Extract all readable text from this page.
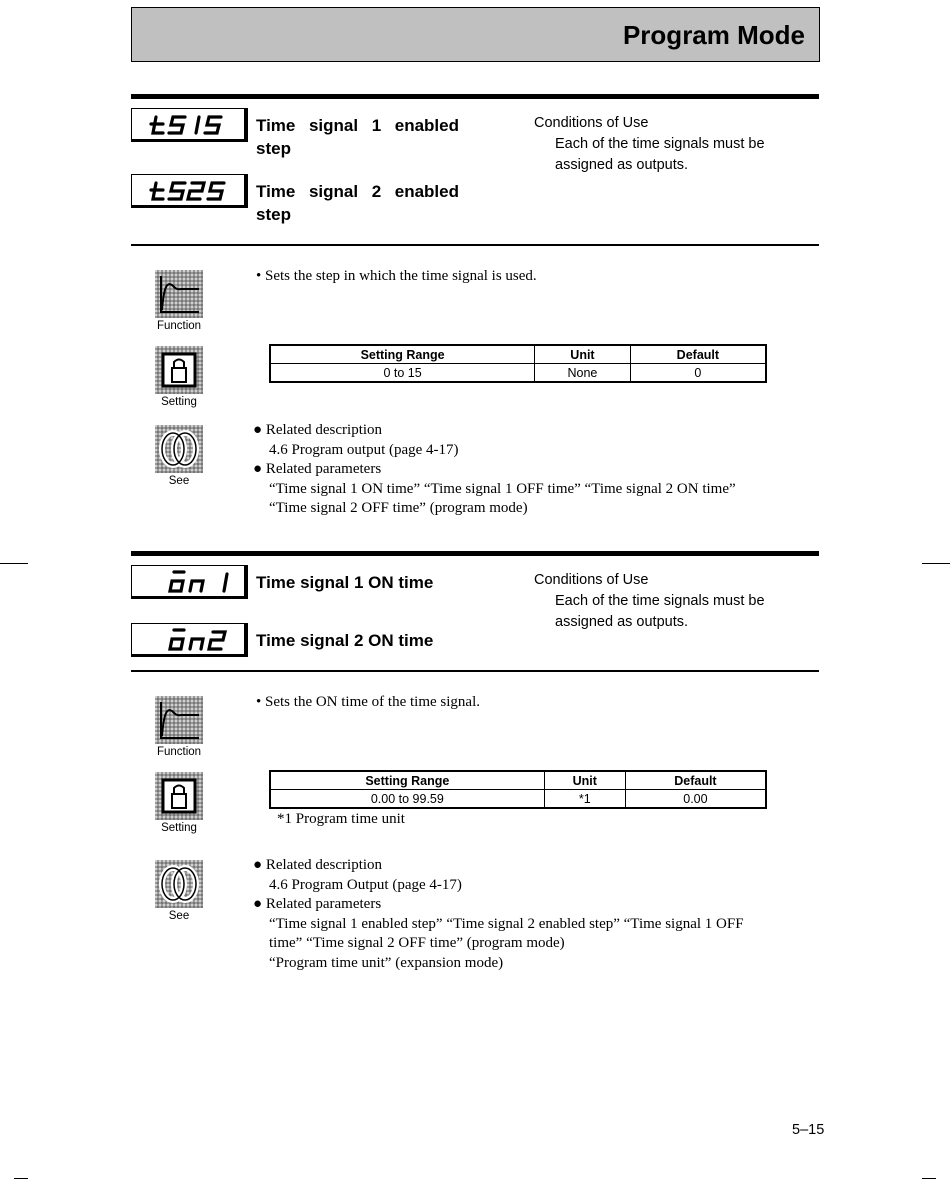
Program Mode
Time signal 1 enabled step
Time signal 2 enabled step
Conditions of Use
Each of the time signals must be
assigned as outputs.
Function
• Sets the step in which the time signal is used.
Setting
Setting Range	Unit	Default
0 to 15	None	0
See
● Related description
4.6 Program output (page 4-17)
● Related parameters
“Time signal 1 ON time” “Time signal 1 OFF time” “Time signal 2 ON time”
“Time signal 2 OFF time” (program mode)
Time signal 1 ON time
Time signal 2 ON time
Conditions of Use
Each of the time signals must be
assigned as outputs.
Function
• Sets the ON time of the time signal.
Setting
Setting Range	Unit	Default
0.00 to 99.59	*1	0.00
*1 Program time unit
See
● Related description
4.6 Program Output (page 4-17)
● Related parameters
“Time signal 1 enabled step” “Time signal 2 enabled step” “Time signal 1 OFF
time” “Time signal 2 OFF time” (program mode)
“Program time unit” (expansion mode)
5–15
